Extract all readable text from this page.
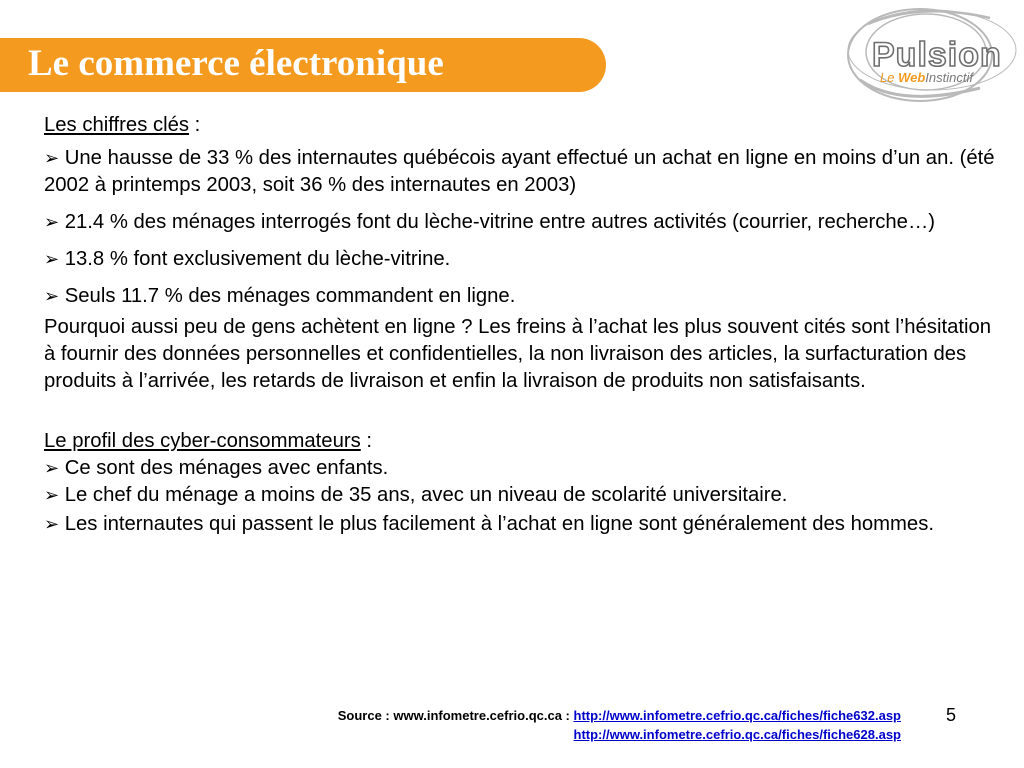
Le commerce électronique	Pulsion
Le WebInstinctif

Les chiffres clés :

➢ Une hausse de 33 % des internautes québécois ayant effectué un achat en ligne en moins d’un an. (été 2002 à printemps 2003, soit 36 % des internautes en 2003)

➢ 21.4 % des ménages interrogés font du lèche-vitrine entre autres activités (courrier, recherche…)

➢ 13.8 % font exclusivement du lèche-vitrine.

➢ Seuls 11.7 % des ménages commandent en ligne.

Pourquoi aussi peu de gens achètent en ligne ? Les freins à l’achat les plus souvent cités sont l’hésitation à fournir des données personnelles et confidentielles, la non livraison des articles, la surfacturation des produits à l’arrivée, les retards de livraison et enfin la livraison de produits non satisfaisants.

Le profil des cyber-consommateurs :

➢ Ce sont des ménages avec enfants.

➢ Le chef du ménage a moins de 35 ans, avec un niveau de scolarité universitaire.

➢ Les internautes qui passent le plus facilement à l’achat en ligne sont généralement des hommes.

Source : www.infometre.cefrio.qc.ca : http://www.infometre.cefrio.qc.ca/fiches/fiche632.asp
http://www.infometre.cefrio.qc.ca/fiches/fiche628.asp
5
